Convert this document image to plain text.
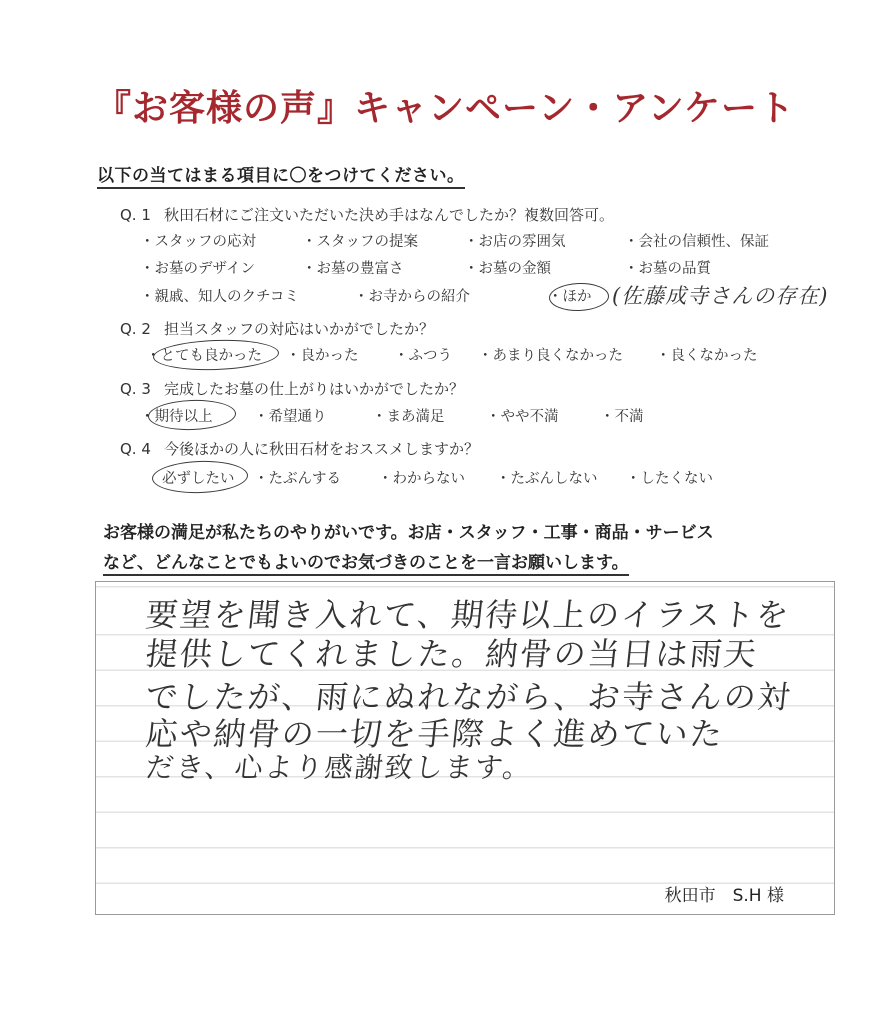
『お客様の声』キャンペーン・アンケート
以下の当てはまる項目に〇をつけてください。
Q. 1 秋田石材にご注文いただいた決め手はなんでしたか？複数回答可。
・ スタッフの応対	・ スタッフの提案	・ お店の雰囲気	・ 会社の信頼性、保証
・ お墓のデザイン	・ お墓の豊富さ	・ お墓の金額	・ お墓の品質
・ 親戚、知人のクチコミ	・ お寺からの紹介	・ ほか (佐藤成寺さんの存在)
Q. 2 担当スタッフの対応はいかがでしたか？
・ とても良かった	・ 良かった	・ ふつう	・ あまり良くなかった	・ 良くなかった
Q. 3 完成したお墓の仕上がりはいかがでしたか？
・ 期待以上	・ 希望通り	・ まあ満足	・ やや不満	・ 不満
Q. 4 今後ほかの人に秋田石材をおススメしますか？
必ずしたい	・ たぶんする	・ わからない	・ たぶんしない	・ したくない
お客様の満足が私たちのやりがいです。お店・スタッフ・工事・商品・サービス
など、どんなことでもよいのでお気づきのことを一言お願いします。
要望を聞き入れて、期待以上のイラストを
提供してくれました。納骨の当日は雨天
でしたが、雨にぬれながら、お寺さんの対
応や納骨の一切を手際よく進めていた
だき、心より感謝致します。
秋田市　S.H 様
